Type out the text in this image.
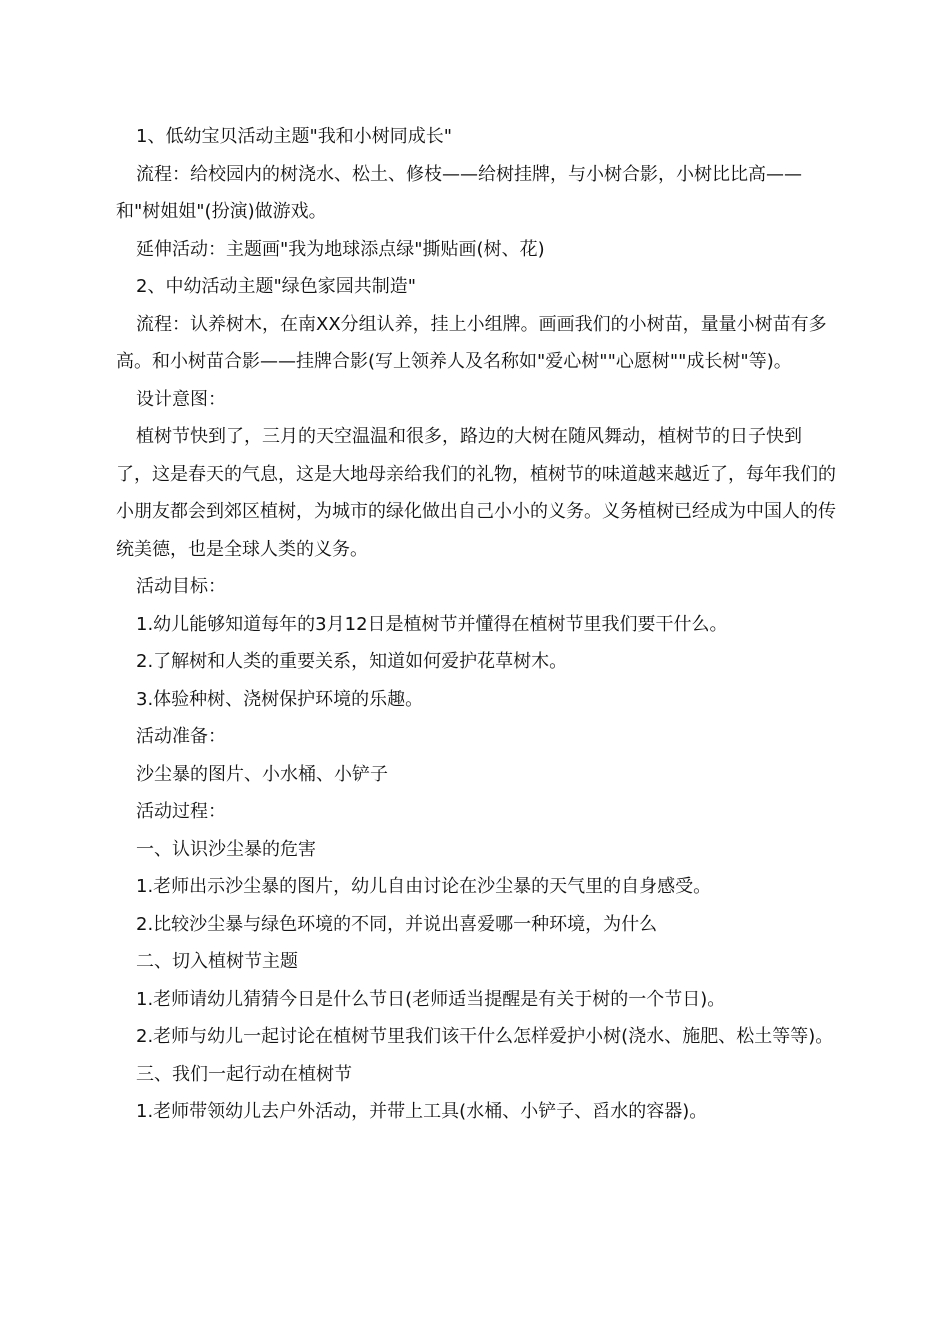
1、低幼宝贝活动主题"我和小树同成长"

流程：给校园内的树浇水、松土、修枝——给树挂牌，与小树合影，小树比比高——和"树姐姐"(扮演)做游戏。

延伸活动：主题画"我为地球添点绿"撕贴画(树、花)

2、中幼活动主题"绿色家园共制造"

流程：认养树木，在南XX分组认养，挂上小组牌。画画我们的小树苗，量量小树苗有多高。和小树苗合影——挂牌合影(写上领养人及名称如"爱心树""心愿树""成长树"等)。

设计意图：

植树节快到了，三月的天空温温和很多，路边的大树在随风舞动，植树节的日子快到了，这是春天的气息，这是大地母亲给我们的礼物，植树节的味道越来越近了，每年我们的小朋友都会到郊区植树，为城市的绿化做出自己小小的义务。义务植树已经成为中国人的传统美德，也是全球人类的义务。

活动目标：

1.幼儿能够知道每年的3月12日是植树节并懂得在植树节里我们要干什么。

2.了解树和人类的重要关系，知道如何爱护花草树木。

3.体验种树、浇树保护环境的乐趣。

活动准备：

沙尘暴的图片、小水桶、小铲子

活动过程：

一、认识沙尘暴的危害

1.老师出示沙尘暴的图片，幼儿自由讨论在沙尘暴的天气里的自身感受。

2.比较沙尘暴与绿色环境的不同，并说出喜爱哪一种环境，为什么

二、切入植树节主题

1.老师请幼儿猜猜今日是什么节日(老师适当提醒是有关于树的一个节日)。

2.老师与幼儿一起讨论在植树节里我们该干什么怎样爱护小树(浇水、施肥、松土等等)。

三、我们一起行动在植树节

1.老师带领幼儿去户外活动，并带上工具(水桶、小铲子、舀水的容器)。
